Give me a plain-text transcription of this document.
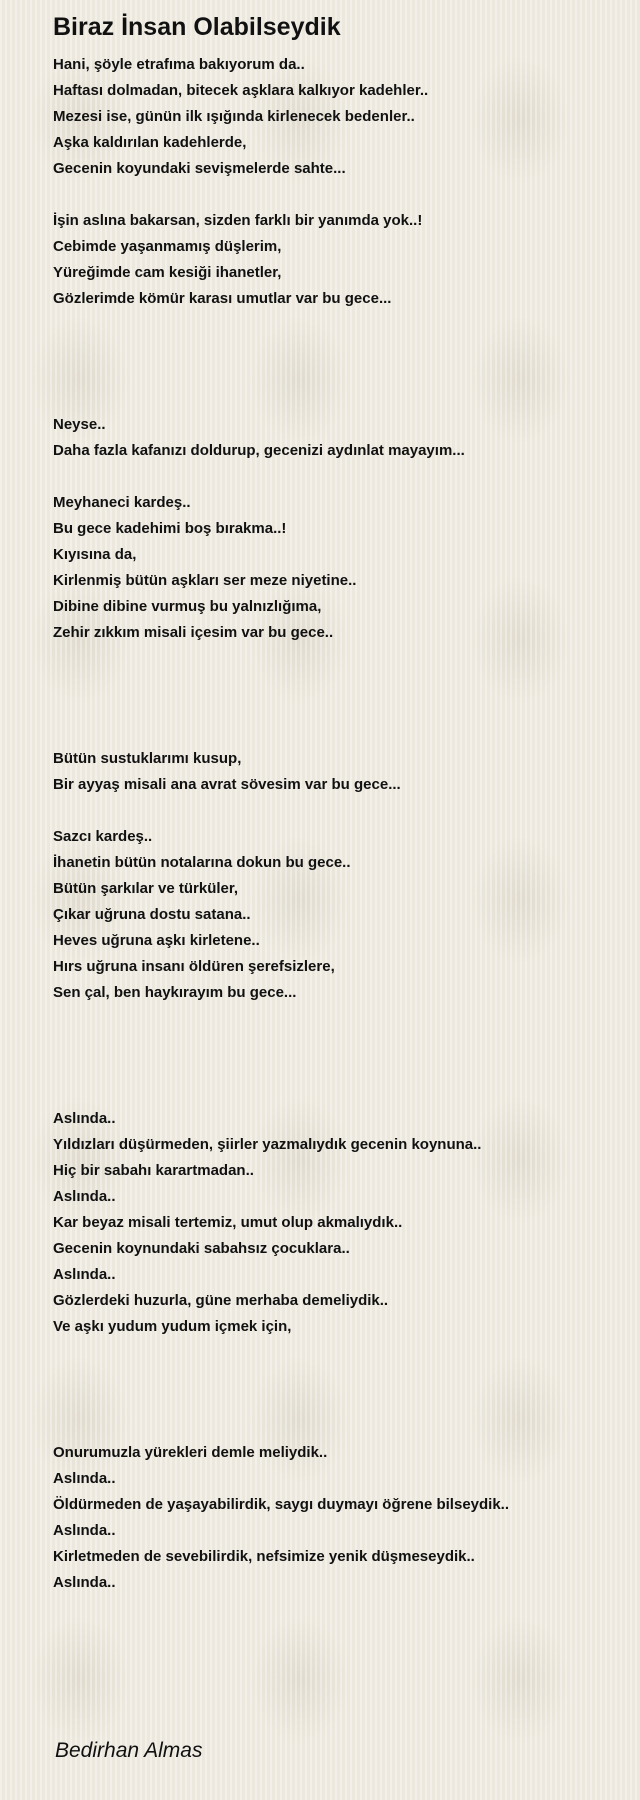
Biraz İnsan Olabilseydik
Hani, şöyle etrafıma bakıyorum da..
Haftası dolmadan, bitecek aşklara kalkıyor kadehler..
Mezesi ise, günün ilk ışığında kirlenecek bedenler..
Aşka kaldırılan kadehlerde,
Gecenin koyundaki sevişmelerde sahte...
İşin aslına bakarsan, sizden farklı bir yanımda yok..!
Cebimde yaşanmamış düşlerim,
Yüreğimde cam kesiği ihanetler,
Gözlerimde kömür karası umutlar var bu gece...
Neyse..
Daha fazla kafanızı doldurup, gecenizi aydınlat mayayım...
Meyhaneci kardeş..
Bu gece kadehimi boş bırakma..!
Kıyısına da,
Kirlenmiş bütün aşkları ser meze niyetine..
Dibine dibine vurmuş bu yalnızlığıma,
Zehir zıkkım misali içesim var bu gece..
Bütün sustuklarımı kusup,
Bir ayyaş misali ana avrat sövesim var bu gece...
Sazcı kardeş..
İhanetin bütün notalarına dokun bu gece..
Bütün şarkılar ve türküler,
Çıkar uğruna dostu satana..
Heves uğruna aşkı kirletene..
Hırs uğruna insanı öldüren şerefsizlere,
Sen çal, ben haykırayım bu gece...
Aslında..
Yıldızları düşürmeden, şiirler yazmalıydık gecenin koynuna..
Hiç bir sabahı karartmadan..
Aslında..
Kar beyaz misali tertemiz, umut olup akmalıydık..
Gecenin koynundaki sabahsız çocuklara..
Aslında..
Gözlerdeki huzurla, güne merhaba demeliydik..
Ve aşkı yudum yudum içmek için,
Onurumuzla yürekleri demle meliydik..
Aslında..
Öldürmeden de yaşayabilirdik, saygı duymayı öğrene bilseydik..
Aslında..
Kirletmeden de sevebilirdik, nefsimize yenik düşmeseydik..
Aslında..

Bedirhan Almas
